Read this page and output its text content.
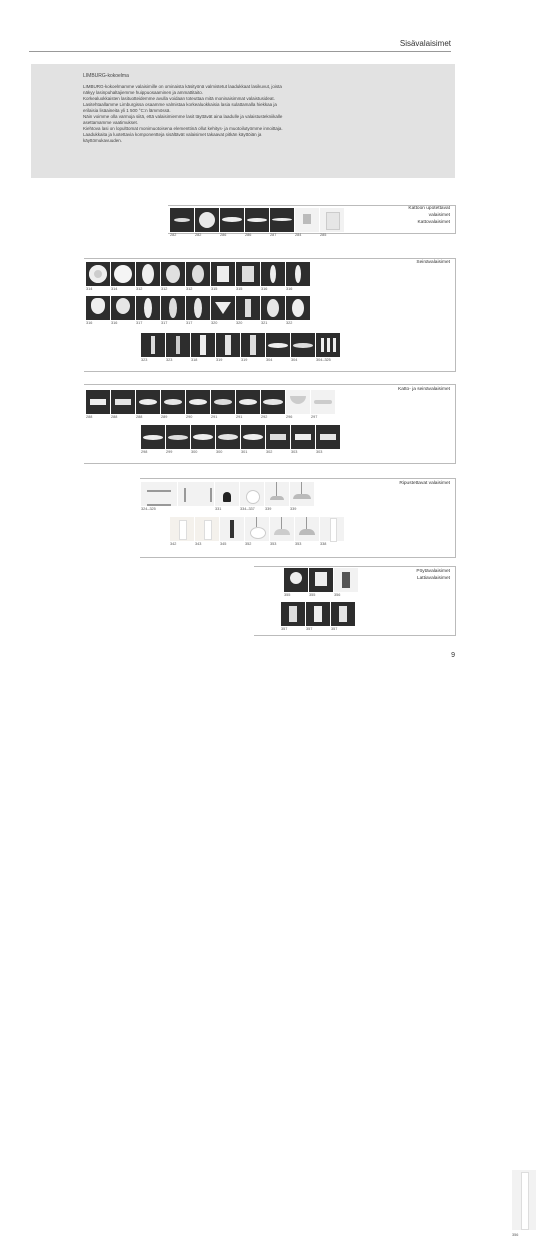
Sisävalaisimet
LIMBURG-kokoelma

LIMBURG-kokoelmamme valaisimille on ominaista käsityönä valmistetut laadukkaat lasikuvut, joista

näkyy lasinpuhaltajiemme huippuosaaminen ja ammattitaito.

Korkealuokkaisten lasituotteidemme avulla voidaan toteuttaa mitä moninaisimmat valaistusideat.

Lasitehtaallamme Limburgissa osaamme valmistaa korkealuokkaisia lasia sulattamalla hiekkaa ja

erilaisia lisäaineita yli 1 500 °C:n lämmössä.

Näin voimme olla varmoja siitä, että valaisimiemme lasit täyttävät aina laadulle ja valaistustekniikalle

asettamamme vaatimukset.

Kiehtova lasi on lopulttomat monimuotoisena elementtinä ollut kehitys- ja muotoilutyömme innoittaja.

Laadukkaita ja luotettavia komponentteja sisältävät valaisimet takaavat pitkän käyttöiän ja

käyttömukavuuden.

Kattoon upotettavat
valaisimet
Kattovalaisimet
282	282	286	286	287	284	285
Seinävalaisimet
314	314	312	312	312	315	315	316	316
316	316	317	317	317	320	320	321	322
323	323	318	319	319	304	304	304–325
Katto- ja seinävalaisimet
288	288	288	289	290	291	291	292	296	297
298	299	300	300	301	302	303	303
Ripustettavat valaisimet
324–325	331	334–337	339	339
342	343	345	352	353	353	338
Pöytävalaisimet
Lattiavalaisimet
355	355	356
356
357	357	357
9
